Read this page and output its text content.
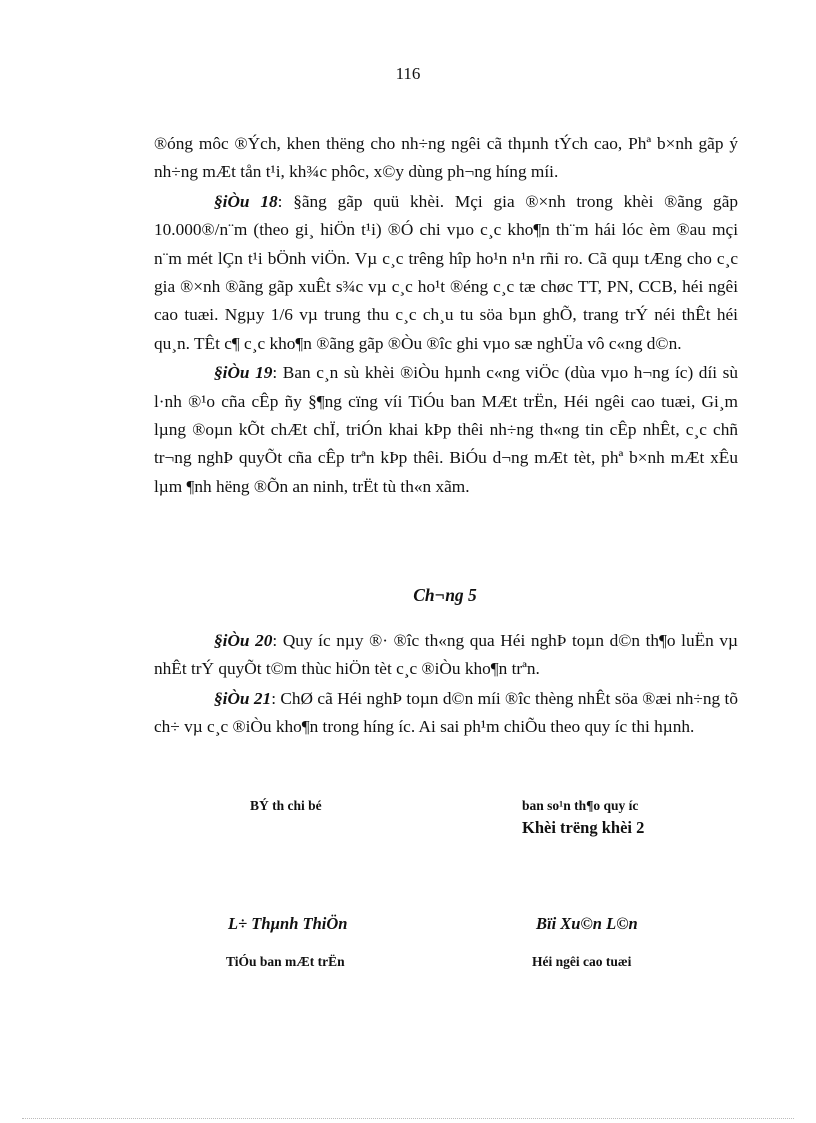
116

®óng môc ®Ých, khen thëng cho nh÷ng ngêi cã thµnh tÝch cao, Phª b×nh gãp ý nh÷ng mÆt tån t¹i, kh¾c phôc, x©y dùng ph¬ng híng míi.

§iÒu 18: §ãng gãp quü khèi. Mçi gia ®×nh trong khèi ®ãng gãp 10.000®/n¨m (theo gi¸ hiÖn t¹i) ®Ó chi vµo c¸c kho¶n th¨m hái lóc èm ®au mçi n¨m mét lÇn t¹i bÖnh viÖn. Vµ c¸c trêng hîp ho¹n n¹n rñi ro. Cã quµ tÆng cho c¸c gia ®×nh ®ãng gãp xuÊt s¾c vµ c¸c ho¹t ®éng c¸c tæ chøc TT, PN, CCB, héi ngêi cao tuæi. Ngµy 1/6 vµ trung thu c¸c ch¸u tu söa bµn ghÕ, trang trÝ néi thÊt héi qu¸n. TÊt c¶ c¸c kho¶n ®ãng gãp ®Òu ®îc ghi vµo sæ nghÜa vô c«ng d©n.

§iÒu 19: Ban c¸n sù khèi ®iÒu hµnh c«ng viÖc (dùa vµo h¬ng íc) díi sù l·nh ®¹o cña cÊp ñy §¶ng cïng víi TiÓu ban MÆt trËn, Héi ngêi cao tuæi, Gi¸m lµng ®oµn kÕt chÆt chÏ, triÓn khai kÞp thêi nh÷ng th«ng tin cÊp nhÊt, c¸c chñ tr¬ng nghÞ quyÕt cña cÊp trªn kÞp thêi. BiÓu d¬ng mÆt tèt, phª b×nh mÆt xÊu lµm ¶nh hëng ®Õn an ninh, trËt tù th«n xãm.

Ch¬ng 5

§iÒu 20: Quy íc nµy ®· ®îc th«ng qua Héi nghÞ toµn d©n th¶o luËn vµ nhÊt trÝ quyÕt t©m thùc hiÖn tèt c¸c ®iÒu kho¶n trªn.

§iÒu 21: ChØ cã Héi nghÞ toµn d©n míi ®îc thèng nhÊt söa ®æi nh÷ng tõ ch÷ vµ c¸c ®iÒu kho¶n trong híng íc. Ai sai ph¹m chiÕu theo quy íc thi hµnh.

BÝ th chi bé	ban so¹n th¶o quy íc
Khèi trëng khèi 2
L÷ Thµnh ThiÖn	Bïi Xu©n L©n
TiÓu ban mÆt trËn	Héi ngêi cao tuæi
